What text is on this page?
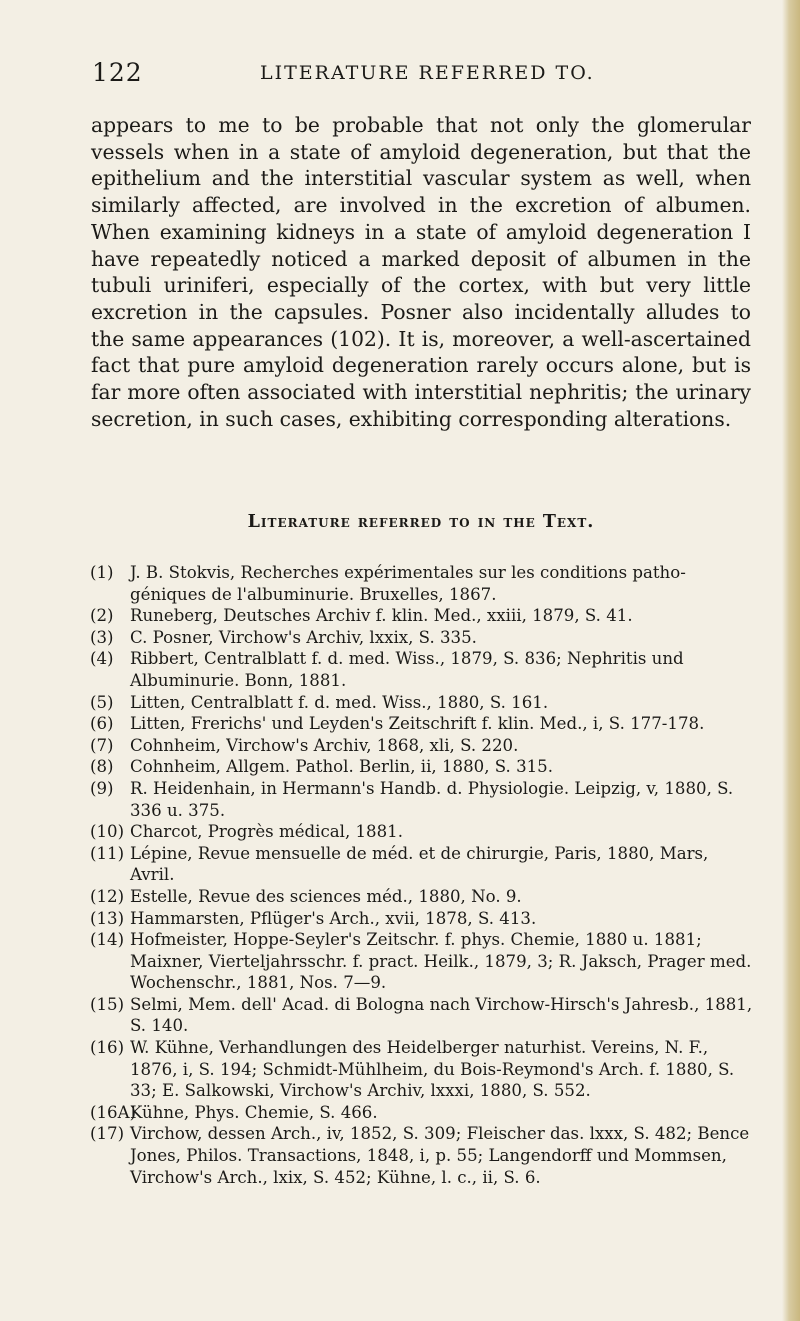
122	LITERATURE REFERRED TO.

appears to me to be probable that not only the glomerular vessels when in a state of amyloid degeneration, but that the epithelium and the interstitial vascular system as well, when similarly affected, are involved in the excretion of albumen. When examining kidneys in a state of amyloid degeneration I have repeatedly noticed a marked deposit of albumen in the tubuli uriniferi, especially of the cortex, with but very little excretion in the capsules. Posner also incidentally alludes to the same appearances (102). It is, moreover, a well-ascertained fact that pure amyloid degeneration rarely occurs alone, but is far more often associated with interstitial nephritis; the urinary secretion, in such cases, exhibiting corresponding alterations.

Literature referred to in the Text.
(1) J. B. Stokvis, Recherches expérimentales sur les conditions patho-géniques de l'albuminurie. Bruxelles, 1867.
(2) Runeberg, Deutsches Archiv f. klin. Med., xxiii, 1879, S. 41.
(3) C. Posner, Virchow's Archiv, lxxix, S. 335.
(4) Ribbert, Centralblatt f. d. med. Wiss., 1879, S. 836; Nephritis und Albuminurie. Bonn, 1881.
(5) Litten, Centralblatt f. d. med. Wiss., 1880, S. 161.
(6) Litten, Frerichs' und Leyden's Zeitschrift f. klin. Med., i, S. 177-178.
(7) Cohnheim, Virchow's Archiv, 1868, xli, S. 220.
(8) Cohnheim, Allgem. Pathol. Berlin, ii, 1880, S. 315.
(9) R. Heidenhain, in Hermann's Handb. d. Physiologie. Leipzig, v, 1880, S. 336 u. 375.
(10) Charcot, Progrès médical, 1881.
(11) Lépine, Revue mensuelle de méd. et de chirurgie, Paris, 1880, Mars, Avril.
(12) Estelle, Revue des sciences méd., 1880, No. 9.
(13) Hammarsten, Pflüger's Arch., xvii, 1878, S. 413.
(14) Hofmeister, Hoppe-Seyler's Zeitschr. f. phys. Chemie, 1880 u. 1881; Maixner, Vierteljahrsschr. f. pract. Heilk., 1879, 3; R. Jaksch, Prager med. Wochenschr., 1881, Nos. 7—9.
(15) Selmi, Mem. dell' Acad. di Bologna nach Virchow-Hirsch's Jahresb., 1881, S. 140.
(16) W. Kühne, Verhandlungen des Heidelberger naturhist. Vereins, N. F., 1876, i, S. 194; Schmidt-Mühlheim, du Bois-Reymond's Arch. f. 1880, S. 33; E. Salkowski, Virchow's Archiv, lxxxi, 1880, S. 552.
(16A)Kühne, Phys. Chemie, S. 466.
(17) Virchow, dessen Arch., iv, 1852, S. 309; Fleischer das. lxxx, S. 482; Bence Jones, Philos. Transactions, 1848, i, p. 55; Langendorff und Mommsen, Virchow's Arch., lxix, S. 452; Kühne, l. c., ii, S. 6.
